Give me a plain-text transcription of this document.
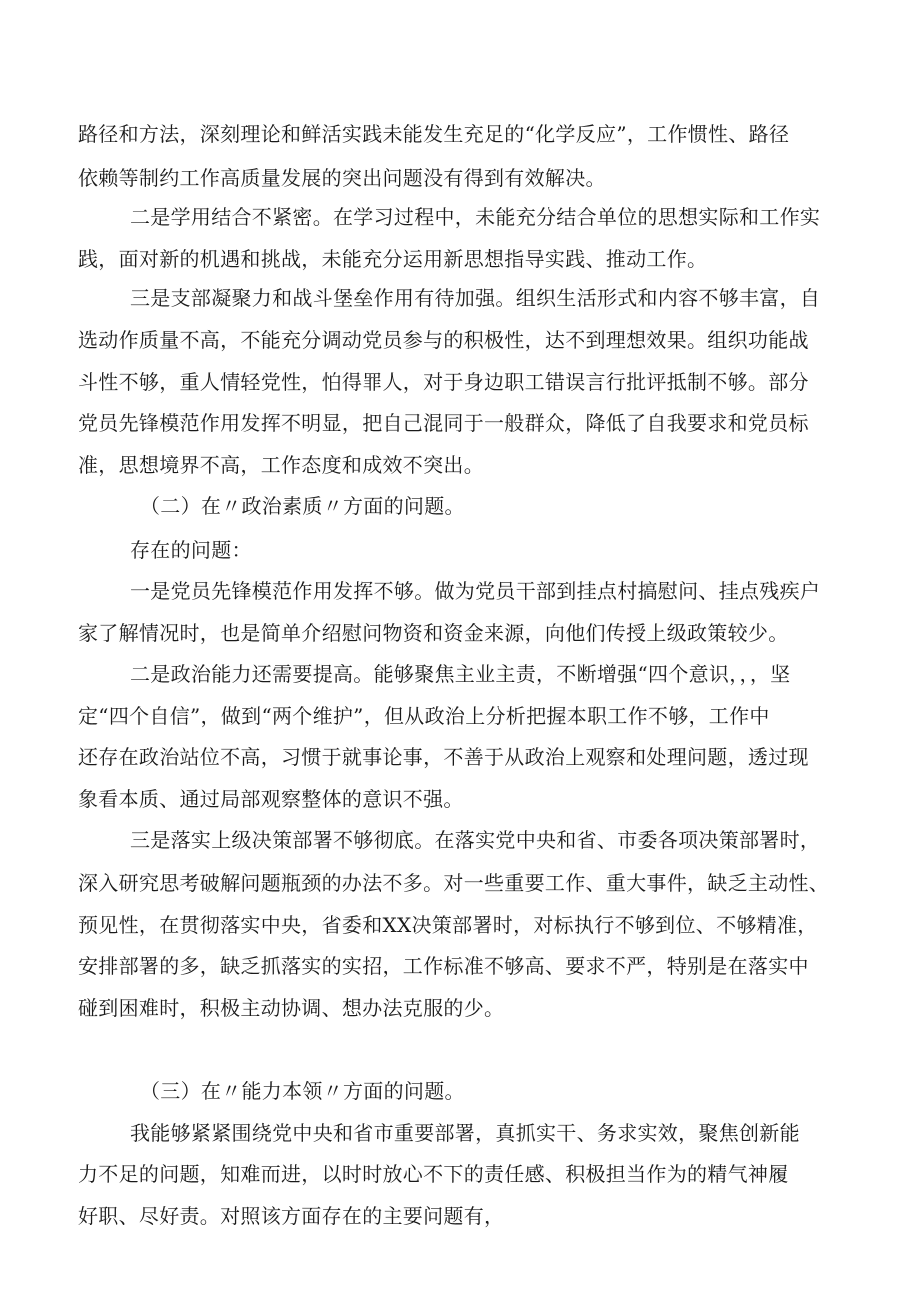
路径和方法，深刻理论和鲜活实践未能发生充足的“化学反应”，工作惯性、路径
依赖等制约工作高质量发展的突出问题没有得到有效解决。
二是学用结合不紧密。在学习过程中，未能充分结合单位的思想实际和工作实
践，面对新的机遇和挑战，未能充分运用新思想指导实践、推动工作。
三是支部凝聚力和战斗堡垒作用有待加强。组织生活形式和内容不够丰富，自
选动作质量不高，不能充分调动党员参与的积极性，达不到理想效果。组织功能战
斗性不够，重人情轻党性，怕得罪人，对于身边职工错误言行批评抵制不够。部分
党员先锋模范作用发挥不明显，把自己混同于一般群众，降低了自我要求和党员标
准，思想境界不高，工作态度和成效不突出。
（二）在〃政治素质〃方面的问题。
存在的问题：
一是党员先锋模范作用发挥不够。做为党员干部到挂点村搞慰问、挂点残疾户
家了解情况时，也是简单介绍慰问物资和资金来源，向他们传授上级政策较少。
二是政治能力还需要提高。能够聚焦主业主责，不断增强“四个意识，，，坚
定“四个自信”，做到“两个维护”，但从政治上分析把握本职工作不够，工作中
还存在政治站位不高，习惯于就事论事，不善于从政治上观察和处理问题，透过现
象看本质、通过局部观察整体的意识不强。
三是落实上级决策部署不够彻底。在落实党中央和省、市委各项决策部署时，
深入研究思考破解问题瓶颈的办法不多。对一些重要工作、重大事件，缺乏主动性、
预见性，在贯彻落实中央，省委和XX决策部署时，对标执行不够到位、不够精准，
安排部署的多，缺乏抓落实的实招，工作标准不够高、要求不严，特别是在落实中
碰到困难时，积极主动协调、想办法克服的少。
（三）在〃能力本领〃方面的问题。
我能够紧紧围绕党中央和省市重要部署，真抓实干、务求实效，聚焦创新能
力不足的问题，知难而进，以时时放心不下的责任感、积极担当作为的精气神履
好职、尽好责。对照该方面存在的主要问题有，
